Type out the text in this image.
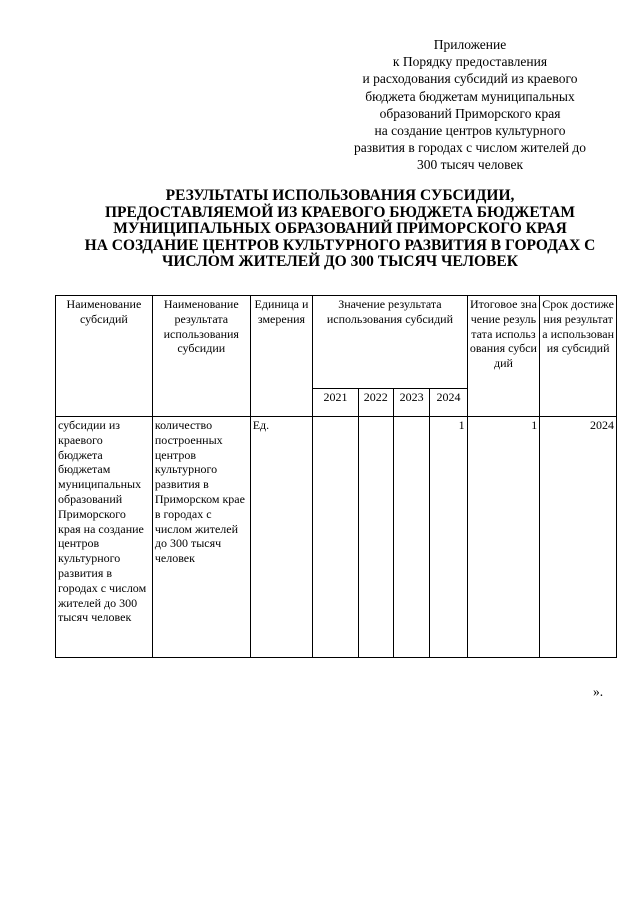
Приложение
к Порядку предоставления
и расходования субсидий из краевого
бюджета бюджетам муниципальных
образований Приморского края
на создание центров культурного
развития в городах с числом жителей до
300 тысяч человек
РЕЗУЛЬТАТЫ ИСПОЛЬЗОВАНИЯ СУБСИДИИ,
ПРЕДОСТАВЛЯЕМОЙ ИЗ КРАЕВОГО БЮДЖЕТА БЮДЖЕТАМ
МУНИЦИПАЛЬНЫХ ОБРАЗОВАНИЙ ПРИМОРСКОГО КРАЯ
НА СОЗДАНИЕ ЦЕНТРОВ КУЛЬТУРНОГО РАЗВИТИЯ В ГОРОДАХ С
ЧИСЛОМ ЖИТЕЛЕЙ ДО 300 ТЫСЯЧ ЧЕЛОВЕК
Наименование субсидий	Наименование результата использования субсидии	Единица измерения	Значение результата использования субсидий				Итоговое значение результата использования субсидий	Срок достижения результата использования субсидий
			2021	2022	2023	2024		
субсидии из краевого бюджета бюджетам муниципальных образований Приморского края на создание центров культурного развития в городах с числом жителей до 300 тысяч человек	количество построенных центров культурного развития в Приморском крае в городах с числом жителей до 300 тысяч человек	Ед.				1	1	2024
».
